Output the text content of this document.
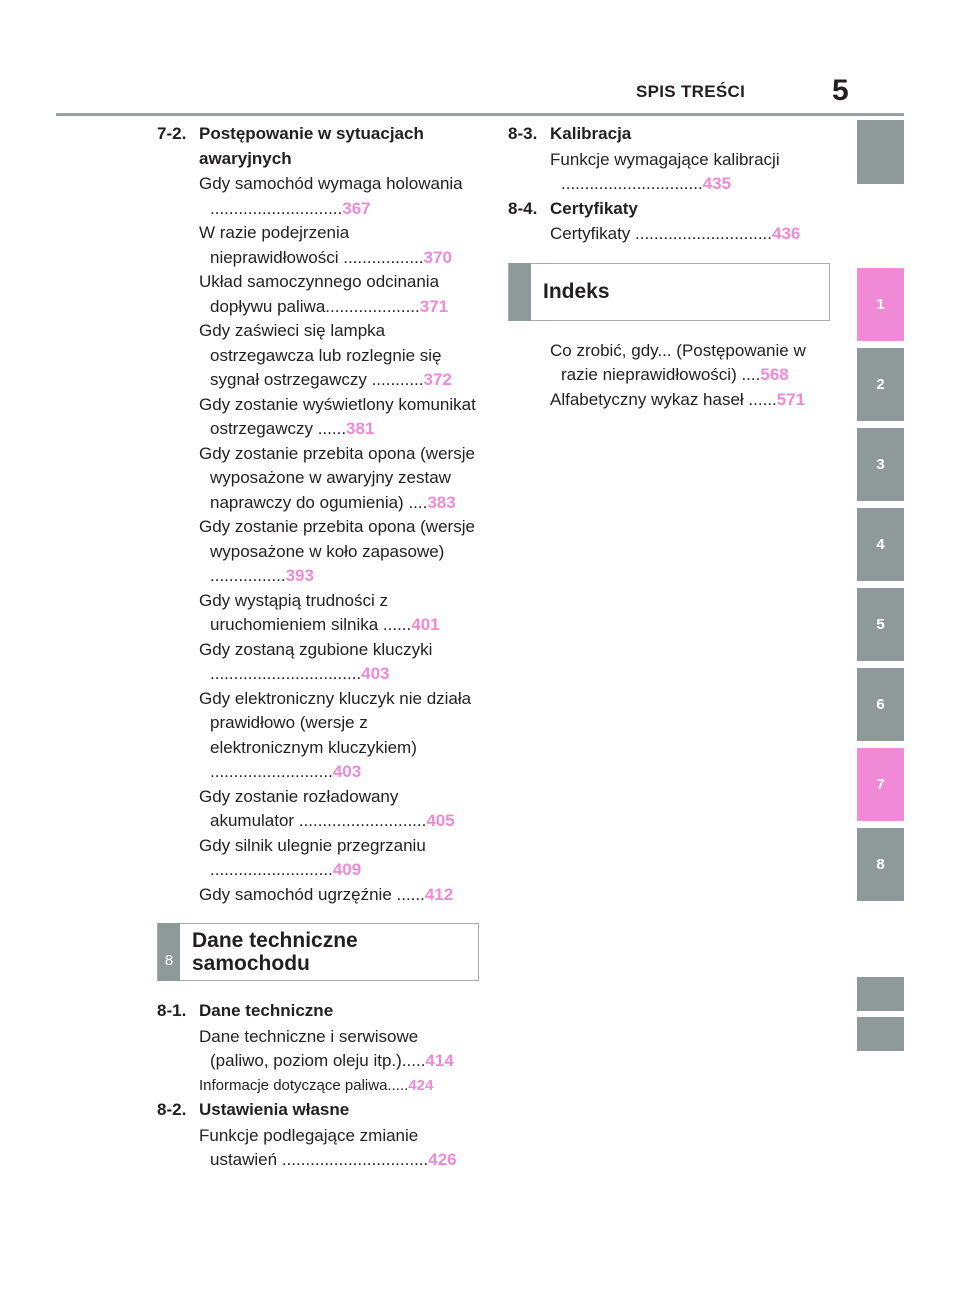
SPIS TREŚCI	5
1
2
3
4
5
6
7
8
7-2. Postępowanie w sytuacjach awaryjnych
Gdy samochód wymaga holowania ............................367
W razie podejrzenia nieprawidłowości .................370
Układ samoczynnego odcinania dopływu paliwa....................371
Gdy zaświeci się lampka ostrzegawcza lub rozlegnie się sygnał ostrzegawczy ...........372
Gdy zostanie wyświetlony komunikat ostrzegawczy ......381
Gdy zostanie przebita opona (wersje wyposażone w awaryjny zestaw naprawczy do ogumienia) ....383
Gdy zostanie przebita opona (wersje wyposażone w koło zapasowe) ................393
Gdy wystąpią trudności z uruchomieniem silnika ......401
Gdy zostaną zgubione kluczyki ................................403
Gdy elektroniczny kluczyk nie działa prawidłowo (wersje z elektronicznym kluczykiem) ..........................403
Gdy zostanie rozładowany akumulator ...........................405
Gdy silnik ulegnie przegrzaniu ..........................409
Gdy samochód ugrzęźnie ......412
8
Dane techniczne samochodu
8-1. Dane techniczne
Dane techniczne i serwisowe (paliwo, poziom oleju itp.).....414
Informacje dotyczące paliwa.....424
8-2. Ustawienia własne
Funkcje podlegające zmianie ustawień ...............................426
8-3. Kalibracja
Funkcje wymagające kalibracji ..............................435
8-4. Certyfikaty
Certyfikaty .............................436
Indeks
Co zrobić, gdy... (Postępowanie w razie nieprawidłowości) ....568
Alfabetyczny wykaz haseł ......571
